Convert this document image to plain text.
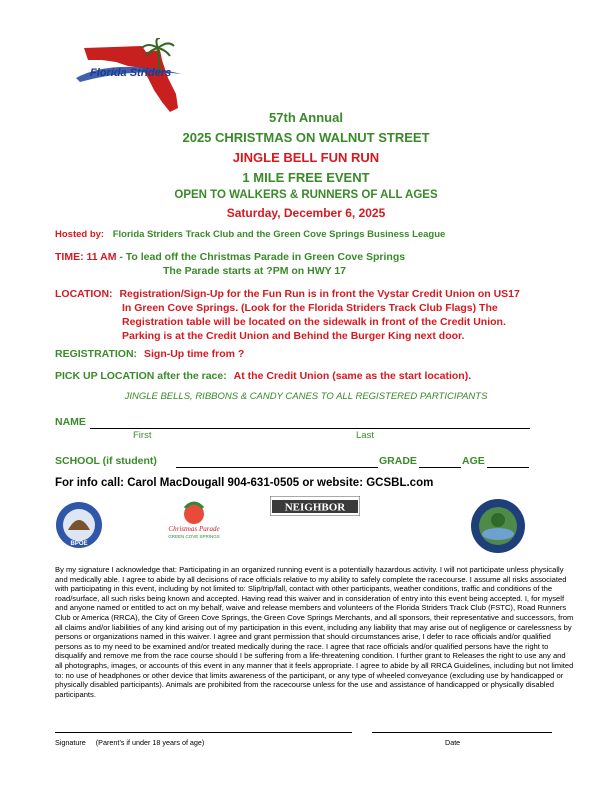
Florida Striders
57th Annual
2025 CHRISTMAS ON WALNUT STREET
JINGLE BELL FUN RUN
1 MILE FREE EVENT
OPEN TO WALKERS & RUNNERS OF ALL AGES
Saturday, December 6, 2025
Hosted by: Florida Striders Track Club and the Green Cove Springs Business League
TIME: 11 AM - To lead off the Christmas Parade in Green Cove Springs
The Parade starts at ?PM on HWY 17
LOCATION: Registration/Sign-Up for the Fun Run is in front the Vystar Credit Union on US17
In Green Cove Springs. (Look for the Florida Striders Track Club Flags) The
Registration table will be located on the sidewalk in front of the Credit Union.
Parking is at the Credit Union and Behind the Burger King next door.
REGISTRATION: Sign-Up time from ?
PICK UP LOCATION after the race: At the Credit Union (same as the start location).
JINGLE BELLS, RIBBONS & CANDY CANES TO ALL REGISTERED PARTICIPANTS
NAME
First	Last
SCHOOL (if student)	GRADE	AGE
For info call: Carol MacDougall 904-631-0505 or website: GCSBL.com
BPOE
Christmas Parade
GREEN COVE SPRINGS
NEIGHBOR
By my signature I acknowledge that: Participating in an organized running event is a potentially hazardous activity. I will not participate unless physically and medically able. I agree to abide by all decisions of race officials relative to my ability to safely complete the racecourse. I assume all risks associated with participating in this event, including by not limited to: Slip/trip/fall, contact with other participants, weather conditions, traffic and conditions of the road/surface, all such risks being known and accepted. Having read this waiver and in consideration of entry into this event being accepted. I, for myself and anyone named or entitled to act on my behalf, waive and release members and volunteers of the Florida Striders Track Club (FSTC), Road Runners Club or America (RRCA), the City of Green Cove Springs, the Green Cove Springs Merchants, and all sponsors, their representative and successors, from all claims and/or liabilities of any kind arising out of my participation in this event, including any liability that may arise out of negligence or carelessness by persons or organizations named in this waiver. I agree and grant permission that should circumstances arise, I defer to race officials and/or qualified persons as to my need to be examined and/or treated medically during the race. I agree that race officials and/or qualified persons have the right to disqualify and remove me from the race course should I be suffering from a life-threatening condition. I further grant to Releases the right to use any and all photographs, images, or accounts of this event in any manner that it feels appropriate. I agree to abide by all RRCA Guidelines, including but not limited to: no use of headphones or other device that limits awareness of the participant, or any type of wheeled conveyance (excluding use by handicapped or physically disabled participants). Animals are prohibited from the racecourse unless for the use and assistance of handicapped or physically disabled participants.
Signature (Parent’s if under 18 years of age)	Date
